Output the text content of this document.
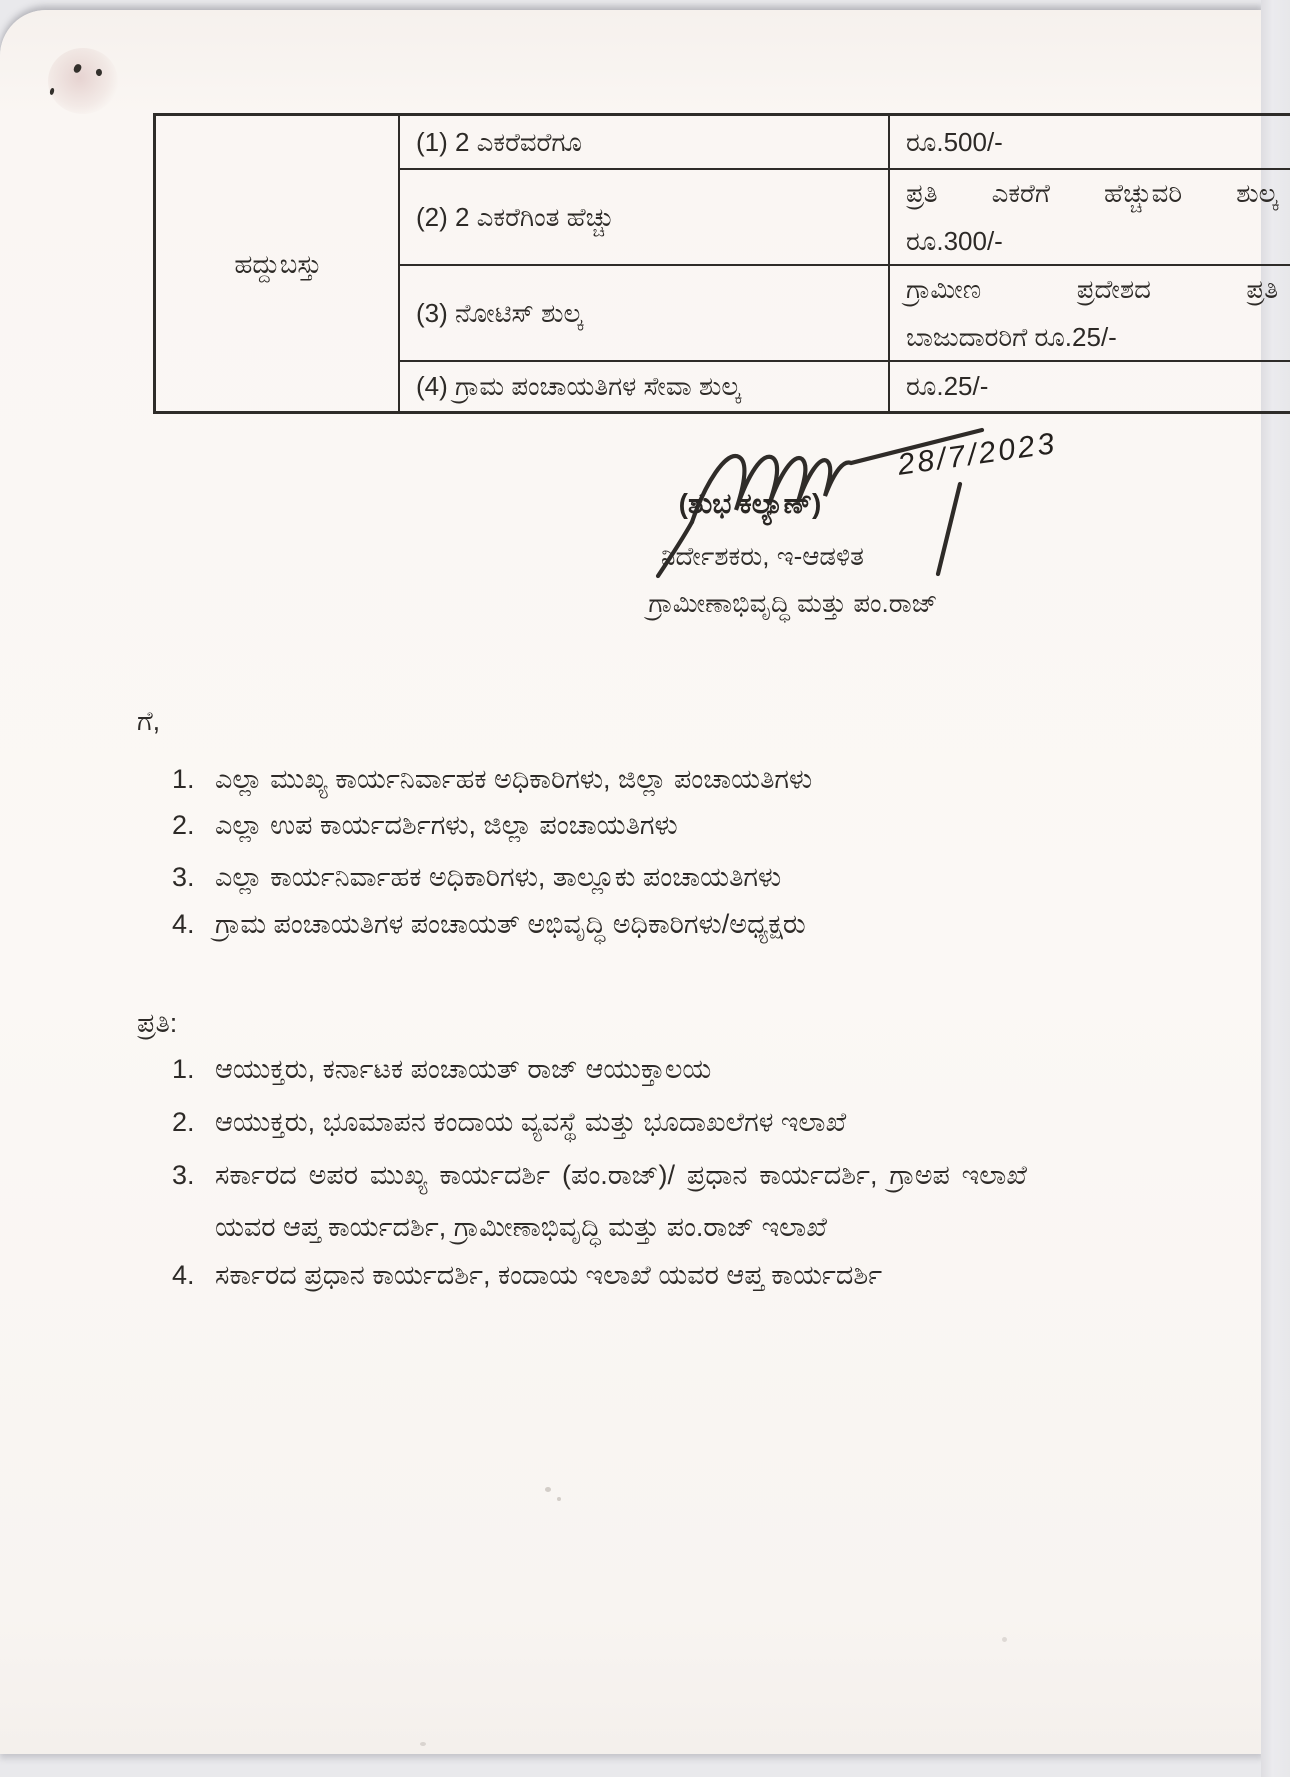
ಹದ್ದುಬಸ್ತು	(1) 2 ಎಕರೆವರೆಗೂ	ರೂ.500/-
	(2) 2 ಎಕರೆಗಿಂತ ಹೆಚ್ಚು	ಪ್ರತಿ ಎಕರೆಗೆ ಹೆಚ್ಚುವರಿ ಶುಲ್ಕ
ರೂ.300/-

	(3) ನೋಟಿಸ್ ಶುಲ್ಕ	ಗ್ರಾಮೀಣ ಪ್ರದೇಶದ ಪ್ರತಿ
ಬಾಜುದಾರರಿಗೆ ರೂ.25/-

	(4) ಗ್ರಾಮ ಪಂಚಾಯತಿಗಳ ಸೇವಾ ಶುಲ್ಕ	ರೂ.25/-
28/7/2023
(ಶುಭ ಕಲ್ಯಾಣ್)
ನಿರ್ದೇಶಕರು, ಇ-ಆಡಳಿತ
ಗ್ರಾಮೀಣಾಭಿವೃದ್ಧಿ ಮತ್ತು ಪಂ.ರಾಜ್
ಗೆ,
1. ಎಲ್ಲಾ ಮುಖ್ಯ ಕಾರ್ಯನಿರ್ವಾಹಕ ಅಧಿಕಾರಿಗಳು, ಜಿಲ್ಲಾ ಪಂಚಾಯತಿಗಳು
2. ಎಲ್ಲಾ ಉಪ ಕಾರ್ಯದರ್ಶಿಗಳು, ಜಿಲ್ಲಾ ಪಂಚಾಯತಿಗಳು
3. ಎಲ್ಲಾ ಕಾರ್ಯನಿರ್ವಾಹಕ ಅಧಿಕಾರಿಗಳು, ತಾಲ್ಲೂಕು ಪಂಚಾಯತಿಗಳು
4. ಗ್ರಾಮ ಪಂಚಾಯತಿಗಳ ಪಂಚಾಯತ್ ಅಭಿವೃದ್ಧಿ ಅಧಿಕಾರಿಗಳು/ಅಧ್ಯಕ್ಷರು
ಪ್ರತಿ:
1. ಆಯುಕ್ತರು, ಕರ್ನಾಟಕ ಪಂಚಾಯತ್ ರಾಜ್ ಆಯುಕ್ತಾಲಯ
2. ಆಯುಕ್ತರು, ಭೂಮಾಪನ ಕಂದಾಯ ವ್ಯವಸ್ಥೆ ಮತ್ತು ಭೂದಾಖಲೆಗಳ ಇಲಾಖೆ
3. ಸರ್ಕಾರದ ಅಪರ ಮುಖ್ಯ ಕಾರ್ಯದರ್ಶಿ (ಪಂ.ರಾಜ್)/ ಪ್ರಧಾನ ಕಾರ್ಯದರ್ಶಿ, ಗ್ರಾಅಪ ಇಲಾಖೆ
ಯವರ ಆಪ್ತ ಕಾರ್ಯದರ್ಶಿ, ಗ್ರಾಮೀಣಾಭಿವೃದ್ಧಿ ಮತ್ತು ಪಂ.ರಾಜ್ ಇಲಾಖೆ
4. ಸರ್ಕಾರದ ಪ್ರಧಾನ ಕಾರ್ಯದರ್ಶಿ, ಕಂದಾಯ ಇಲಾಖೆ ಯವರ ಆಪ್ತ ಕಾರ್ಯದರ್ಶಿ
